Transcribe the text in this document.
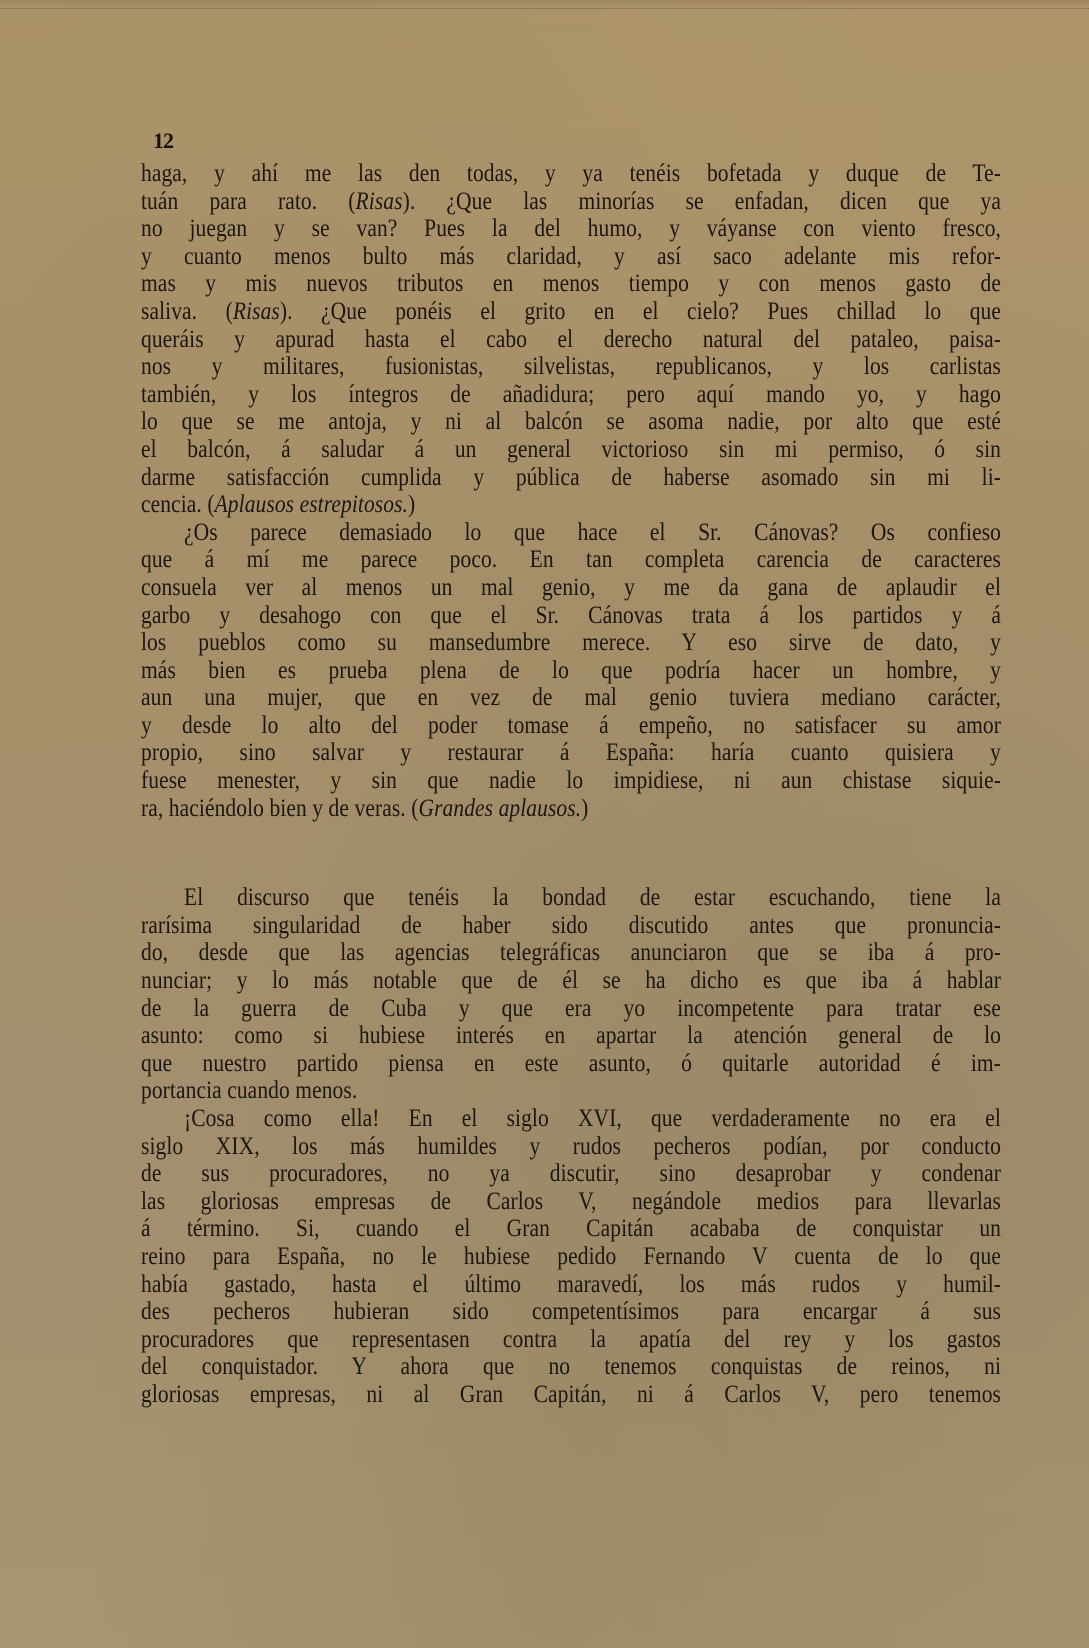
12
haga, y ahí me las den todas, y ya tenéis bofetada y duque de Te-
tuán para rato. (Risas). ¿Que las minorías se enfadan, dicen que ya
no juegan y se van? Pues la del humo, y váyanse con viento fresco,
y cuanto menos bulto más claridad, y así saco adelante mis refor-
mas y mis nuevos tributos en menos tiempo y con menos gasto de
saliva. (Risas). ¿Que ponéis el grito en el cielo? Pues chillad lo que
queráis y apurad hasta el cabo el derecho natural del pataleo, paisa-
nos y militares, fusionistas, silvelistas, republicanos, y los carlistas
también, y los íntegros de añadidura; pero aquí mando yo, y hago
lo que se me antoja, y ni al balcón se asoma nadie, por alto que esté
el balcón, á saludar á un general victorioso sin mi permiso, ó sin
darme satisfacción cumplida y pública de haberse asomado sin mi li-
cencia. (Aplausos estrepitosos.)
¿Os parece demasiado lo que hace el Sr. Cánovas? Os confieso
que á mí me parece poco. En tan completa carencia de caracteres
consuela ver al menos un mal genio, y me da gana de aplaudir el
garbo y desahogo con que el Sr. Cánovas trata á los partidos y á
los pueblos como su mansedumbre merece. Y eso sirve de dato, y
más bien es prueba plena de lo que podría hacer un hombre, y
aun una mujer, que en vez de mal genio tuviera mediano carácter,
y desde lo alto del poder tomase á empeño, no satisfacer su amor
propio, sino salvar y restaurar á España: haría cuanto quisiera y
fuese menester, y sin que nadie lo impidiese, ni aun chistase siquie-
ra, haciéndolo bien y de veras. (Grandes aplausos.)
El discurso que tenéis la bondad de estar escuchando, tiene la
rarísima singularidad de haber sido discutido antes que pronuncia-
do, desde que las agencias telegráficas anunciaron que se iba á pro-
nunciar; y lo más notable que de él se ha dicho es que iba á hablar
de la guerra de Cuba y que era yo incompetente para tratar ese
asunto: como si hubiese interés en apartar la atención general de lo
que nuestro partido piensa en este asunto, ó quitarle autoridad é im-
portancia cuando menos.
¡Cosa como ella! En el siglo XVI, que verdaderamente no era el
siglo XIX, los más humildes y rudos pecheros podían, por conducto
de sus procuradores, no ya discutir, sino desaprobar y condenar
las gloriosas empresas de Carlos V, negándole medios para llevarlas
á término. Si, cuando el Gran Capitán acababa de conquistar un
reino para España, no le hubiese pedido Fernando V cuenta de lo que
había gastado, hasta el último maravedí, los más rudos y humil-
des pecheros hubieran sido competentísimos para encargar á sus
procuradores que representasen contra la apatía del rey y los gastos
del conquistador. Y ahora que no tenemos conquistas de reinos, ni
gloriosas empresas, ni al Gran Capitán, ni á Carlos V, pero tenemos
